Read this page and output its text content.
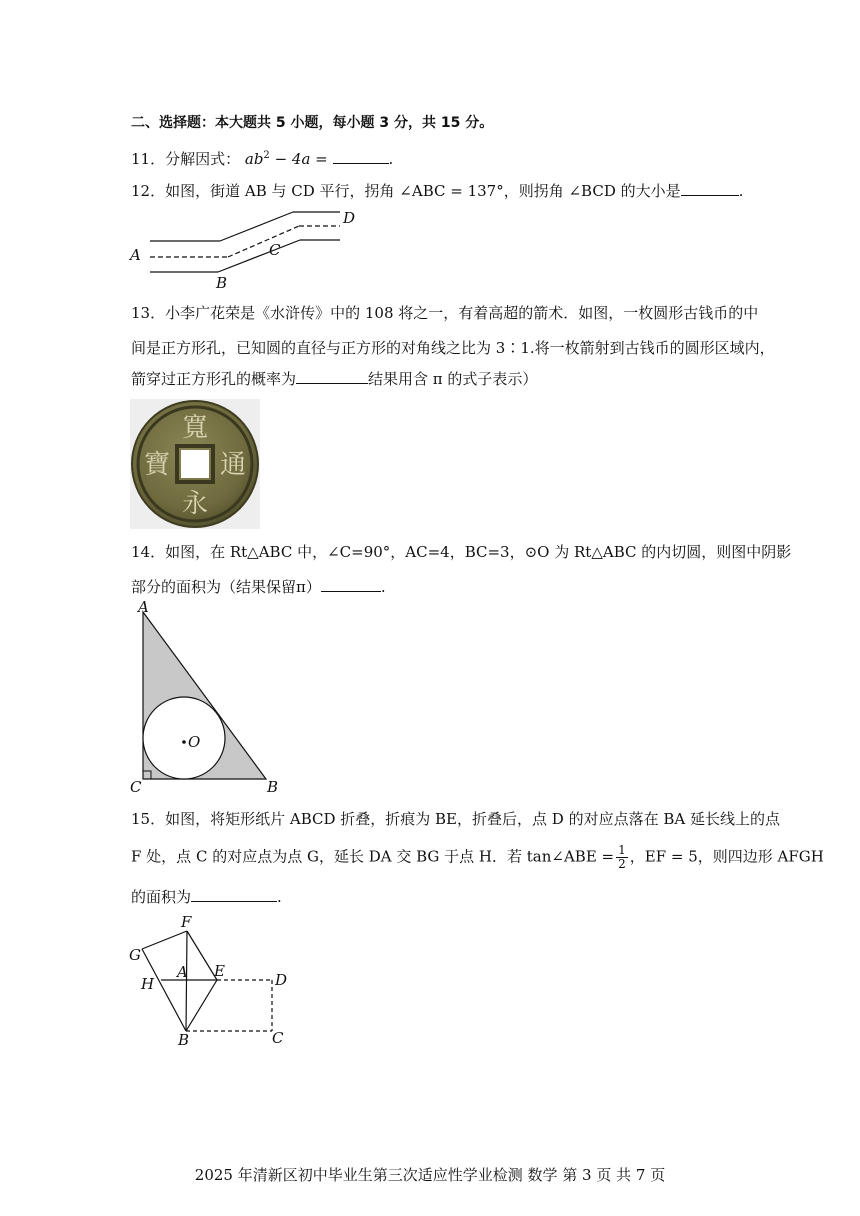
二、选择题：本大题共 5 小题，每小题 3 分，共 15 分。
11．分解因式： $ab^2 - 4a$ =	.
12．如图，街道 AB 与 CD 平行，拐角 ∠ABC = 137°，则拐角 ∠BCD 的大小是	.
A
B
C
D
13．小李广花荣是《水浒传》中的 108 将之一，有着高超的箭术．如图，一枚圆形古钱币的中
间是正方形孔，已知圆的直径与正方形的对角线之比为 3∶1.将一枚箭射到古钱币的圆形区域内，
箭穿过正方形孔的概率为	结果用含 π 的式子表示）
寬
通
永
寶
14．如图，在 Rt△ABC 中，∠C=90°，AC=4，BC=3，⊙O 为 Rt△ABC 的内切圆，则图中阴影
部分的面积为（结果保留π）	.
A
C	B
O
15．如图，将矩形纸片 ABCD 折叠，折痕为 BE，折叠后，点 D 的对应点落在 BA 延长线上的点
F 处，点 C 的对应点为点 G，延长 DA 交 BG 于点 H．若 tan∠ABE = $\frac{1}{2}$ ，EF = 5，则四边形 AFGH
的面积为	.
F
G
H
A E	D
B	C
2025 年清新区初中毕业生第三次适应性学业检测 数学 第 3 页 共 7 页
